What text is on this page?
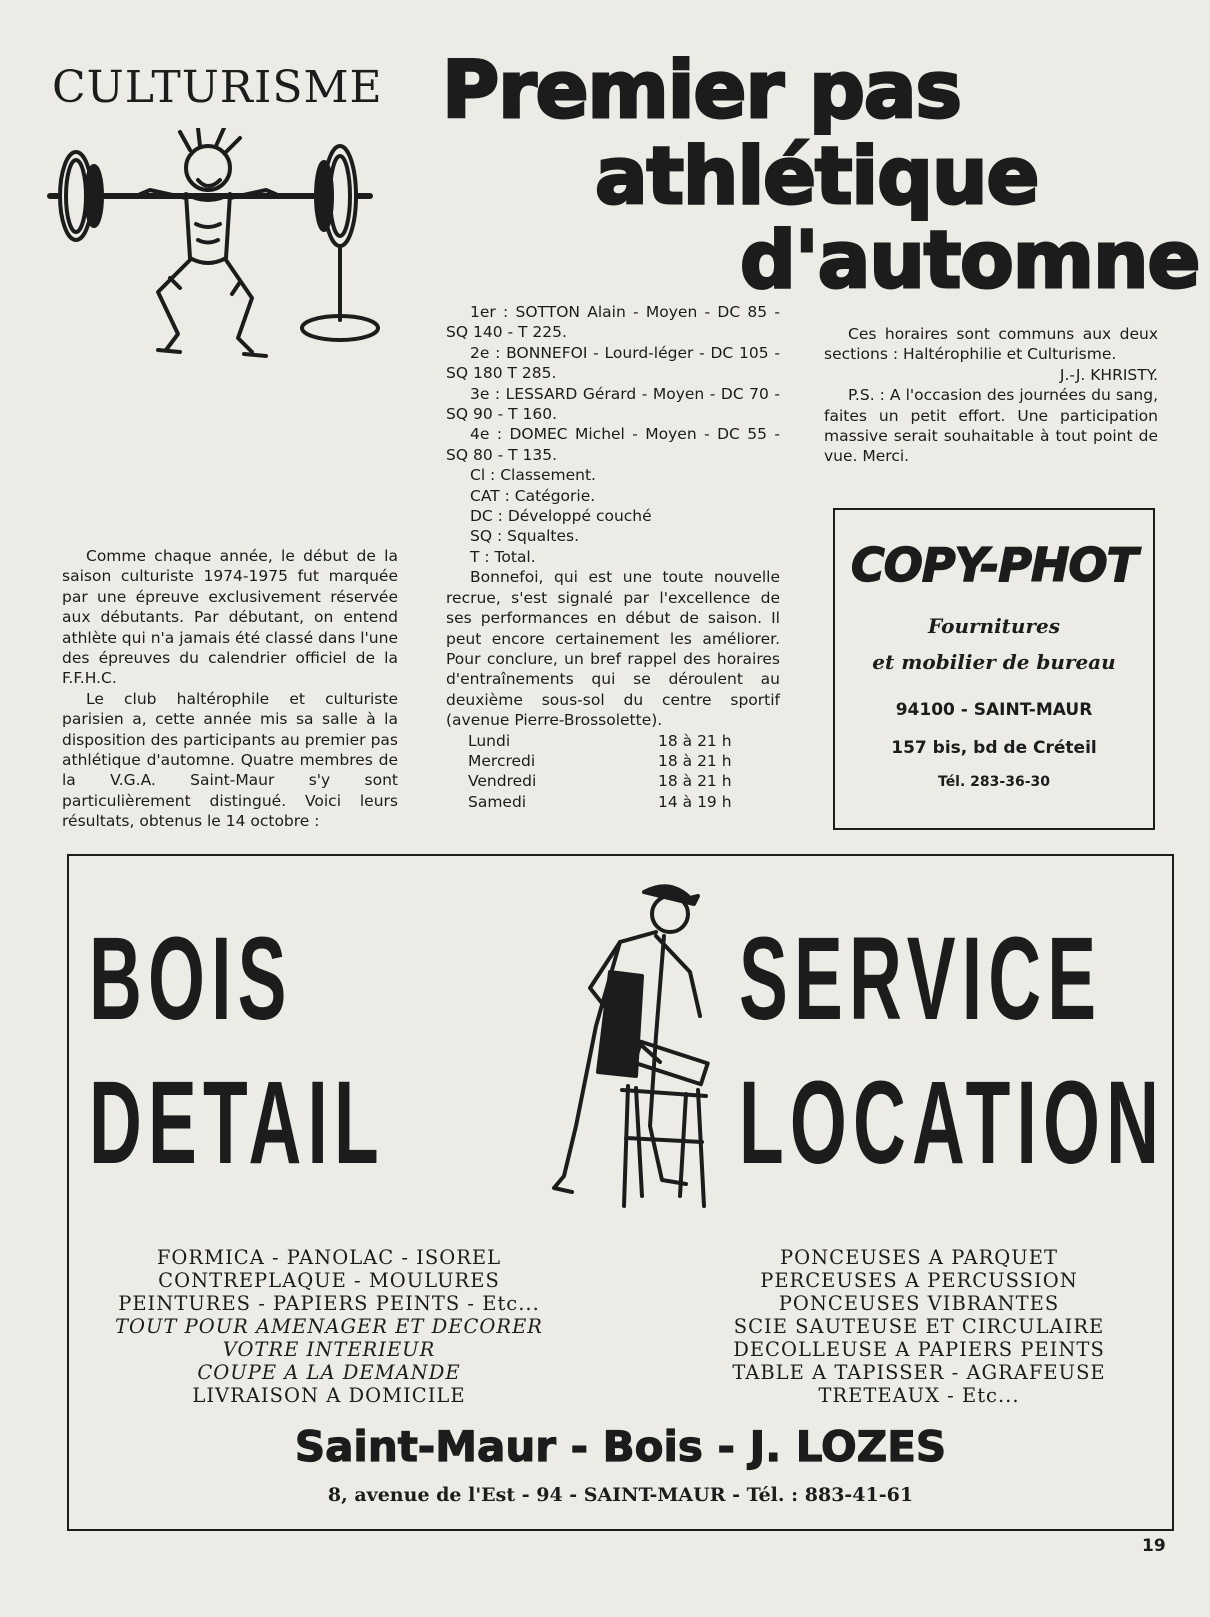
CULTURISME Premier pas
athlétique
d'automne

Comme chaque année, le début de la saison culturiste 1974-1975 fut marquée par une épreuve exclusivement réservée aux débutants. Par débutant, on entend athlète qui n'a jamais été classé dans l'une des épreuves du calendrier officiel de la F.F.H.C.

Le club haltérophile et culturiste parisien a, cette année mis sa salle à la disposition des participants au premier pas athlétique d'automne. Quatre membres de la V.G.A. Saint-Maur s'y sont particulièrement distingué. Voici leurs résultats, obtenus le 14 octobre :

1er : SOTTON Alain - Moyen - DC 85 - SQ 140 - T 225.

2e : BONNEFOI - Lourd-léger - DC 105 - SQ 180 T 285.

3e : LESSARD Gérard - Moyen - DC 70 - SQ 90 - T 160.

4e : DOMEC Michel - Moyen - DC 55 - SQ 80 - T 135.

Cl : Classement.
CAT : Catégorie.
DC : Développé couché
SQ : Squaltes.
T : Total.

Bonnefoi, qui est une toute nouvelle recrue, s'est signalé par l'excellence de ses performances en début de saison. Il peut encore certainement les améliorer. Pour conclure, un bref rappel des horaires d'entraînements qui se déroulent au deuxième sous-sol du centre sportif (avenue Pierre-Brossolette).

Lundi	18 à 21 h
Mercredi	18 à 21 h
Vendredi	18 à 21 h
Samedi	14 à 19 h

Ces horaires sont communs aux deux sections : Haltérophilie et Culturisme.

J.-J. KHRISTY.

P.S. : A l'occasion des journées du sang, faites un petit effort. Une participation massive serait souhaitable à tout point de vue. Merci.

COPY-PHOT
Fournitures
et mobilier de bureau
94100 - SAINT-MAUR
157 bis, bd de Créteil
Tél. 283-36-30
BOIS
DETAIL
SERVICE
LOCATION
FORMICA - PANOLAC - ISOREL
CONTREPLAQUE - MOULURES
PEINTURES - PAPIERS PEINTS - Etc...
TOUT POUR AMENAGER ET DECORER
VOTRE INTERIEUR
COUPE A LA DEMANDE
LIVRAISON A DOMICILE
PONCEUSES A PARQUET
PERCEUSES A PERCUSSION
PONCEUSES VIBRANTES
SCIE SAUTEUSE ET CIRCULAIRE
DECOLLEUSE A PAPIERS PEINTS
TABLE A TAPISSER - AGRAFEUSE
TRETEAUX - Etc...
Saint-Maur - Bois - J. LOZES
8, avenue de l'Est - 94 - SAINT-MAUR - Tél. : 883-41-61
19
